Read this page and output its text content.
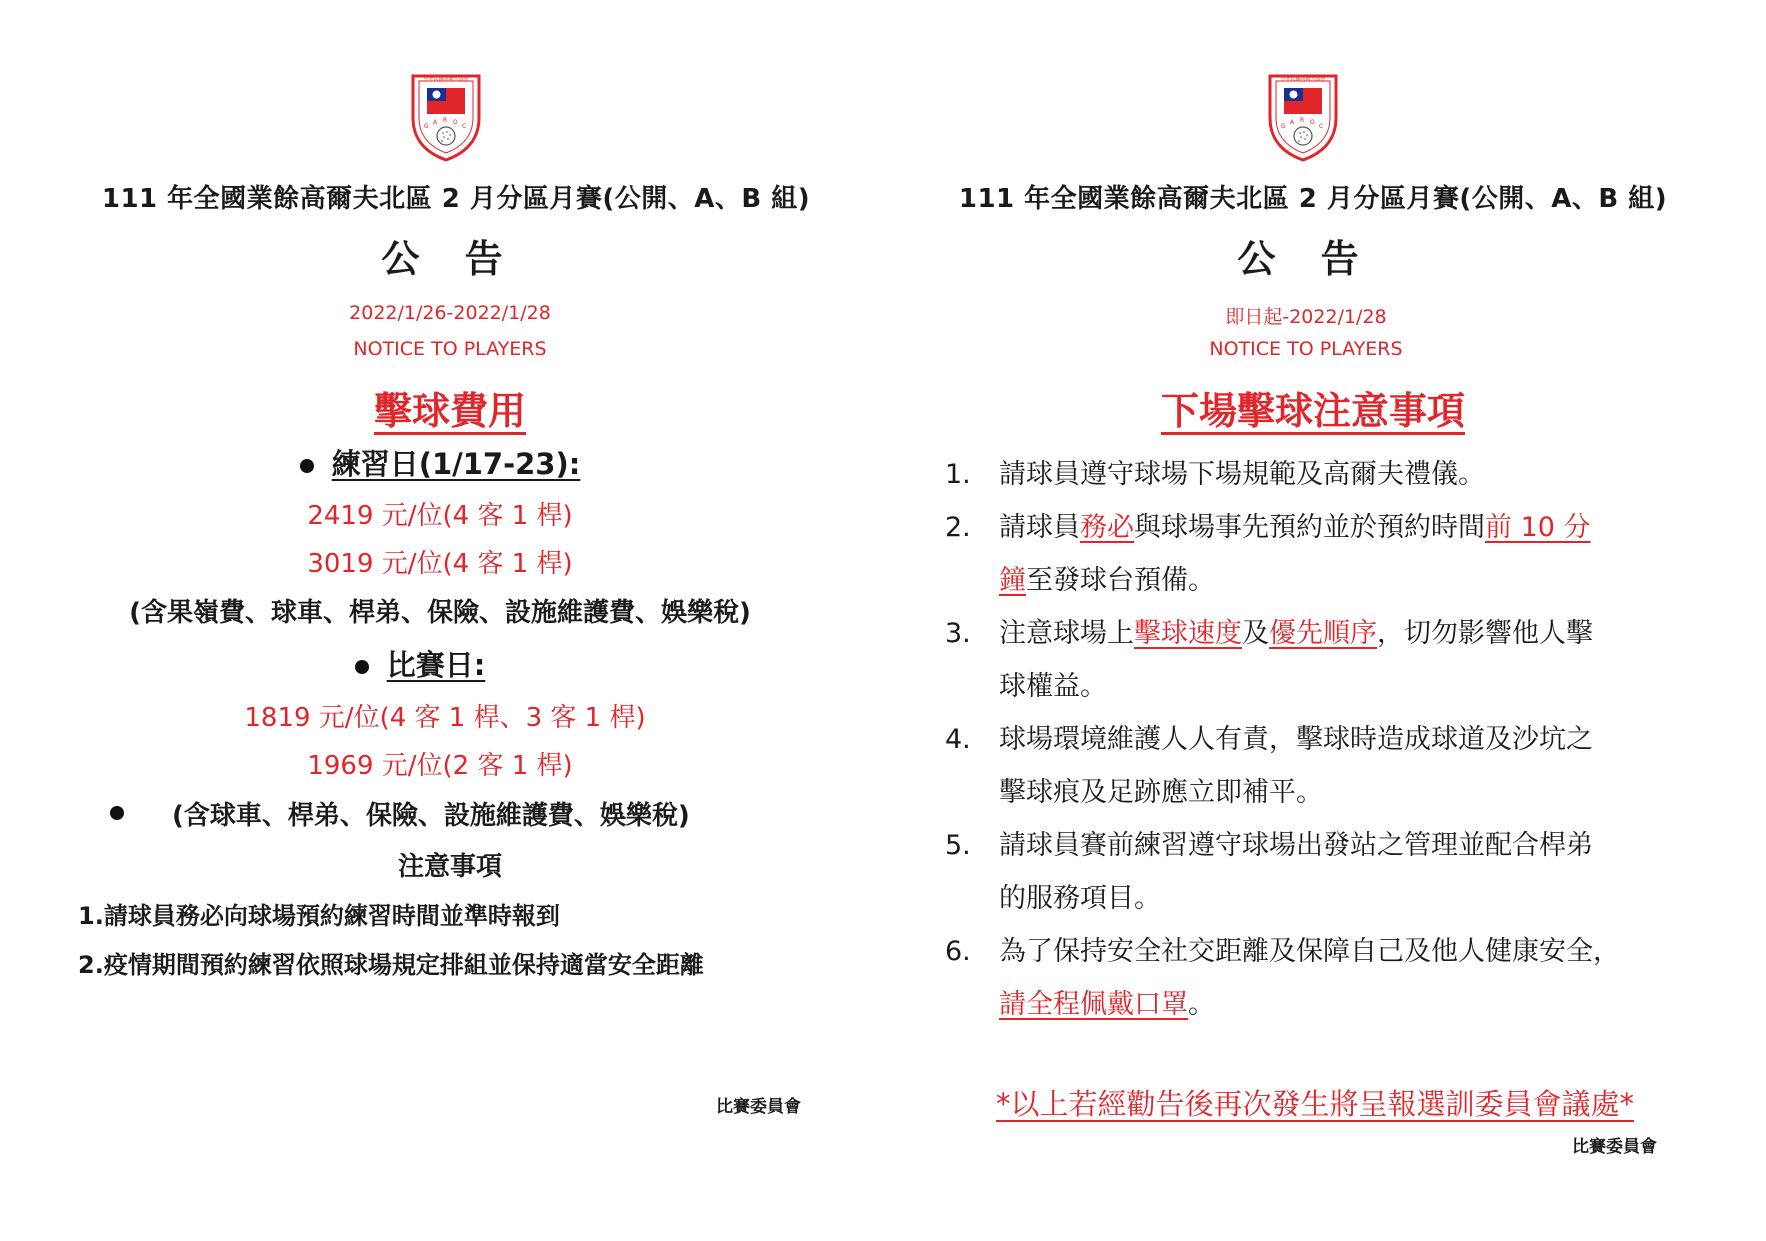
111 年全國業餘高爾夫北區 2 月分區月賽(公開、A、B 組)
公 告
2022/1/26-2022/1/28
NOTICE TO PLAYERS
擊球費用
練習日(1/17-23):
2419 元/位(4 客 1 桿)
3019 元/位(4 客 1 桿)
(含果嶺費、球車、桿弟、保險、設施維護費、娛樂稅)
比賽日:
1819 元/位(4 客 1 桿、3 客 1 桿)
1969 元/位(2 客 1 桿)
(含球車、桿弟、保險、設施維護費、娛樂稅)
注意事項
1.請球員務必向球場預約練習時間並準時報到
2.疫情期間預約練習依照球場規定排組並保持適當安全距離
比賽委員會
111 年全國業餘高爾夫北區 2 月分區月賽(公開、A、B 組)
公 告
即日起-2022/1/28
NOTICE TO PLAYERS
下場擊球注意事項
1.	請球員遵守球場下場規範及高爾夫禮儀。
2.	請球員務必與球場事先預約並於預約時間前 10 分
鐘至發球台預備。
3.	注意球場上擊球速度及優先順序，切勿影響他人擊
球權益。
4.	球場環境維護人人有責，擊球時造成球道及沙坑之
擊球痕及足跡應立即補平。
5.	請球員賽前練習遵守球場出發站之管理並配合桿弟
的服務項目。
6.	為了保持安全社交距離及保障自己及他人健康安全，
請全程佩戴口罩。
*以上若經勸告後再次發生將呈報選訓委員會議處*
比賽委員會
